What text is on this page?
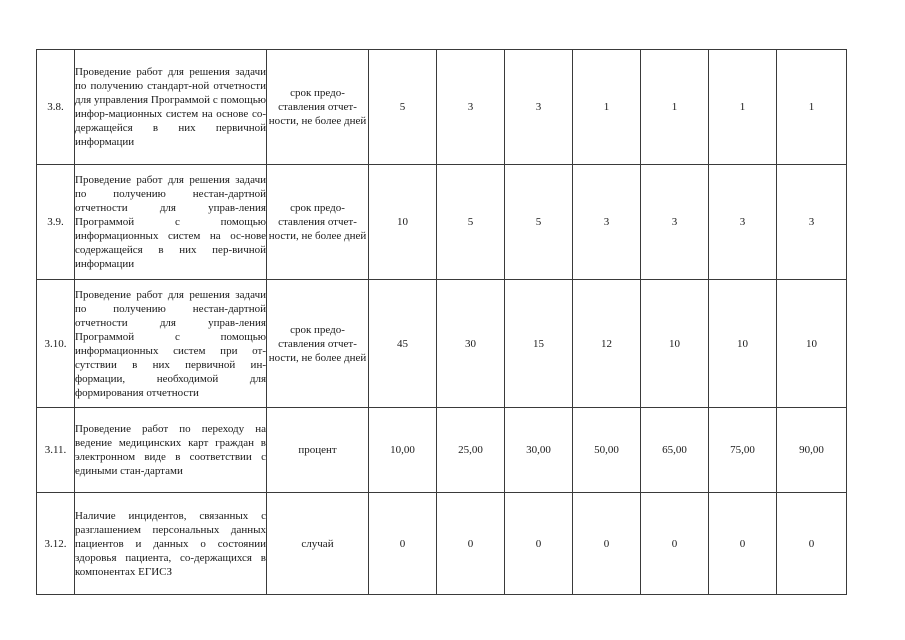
3.8.	Проведение работ для решения задачи по получению стандарт-ной отчетности для управления Программой с помощью инфор-мационных систем на основе со-держащейся в них первичной информации	срок предо-ставления отчет-ности, не более дней	5	3	3	1	1	1	1
3.9.	Проведение работ для решения задачи по получению нестан-дартной отчетности для управ-ления Программой с помощью информационных систем на ос-нове содержащейся в них пер-вичной информации	срок предо-ставления отчет-ности, не более дней	10	5	5	3	3	3	3
3.10.	Проведение работ для решения задачи по получению нестан-дартной отчетности для управ-ления Программой с помощью информационных систем при от-сутствии в них первичной ин-формации, необходимой для формирования отчетности	срок предо-ставления отчет-ности, не более дней	45	30	15	12	10	10	10
3.11.	Проведение работ по переходу на ведение медицинских карт граждан в электронном виде в соответствии с едиными стан-дартами	процент	10,00	25,00	30,00	50,00	65,00	75,00	90,00
3.12.	Наличие инцидентов, связанных с разглашением персональных данных пациентов и данных о состоянии здоровья пациента, со-держащихся в компонентах ЕГИСЗ	случай	0	0	0	0	0	0	0
